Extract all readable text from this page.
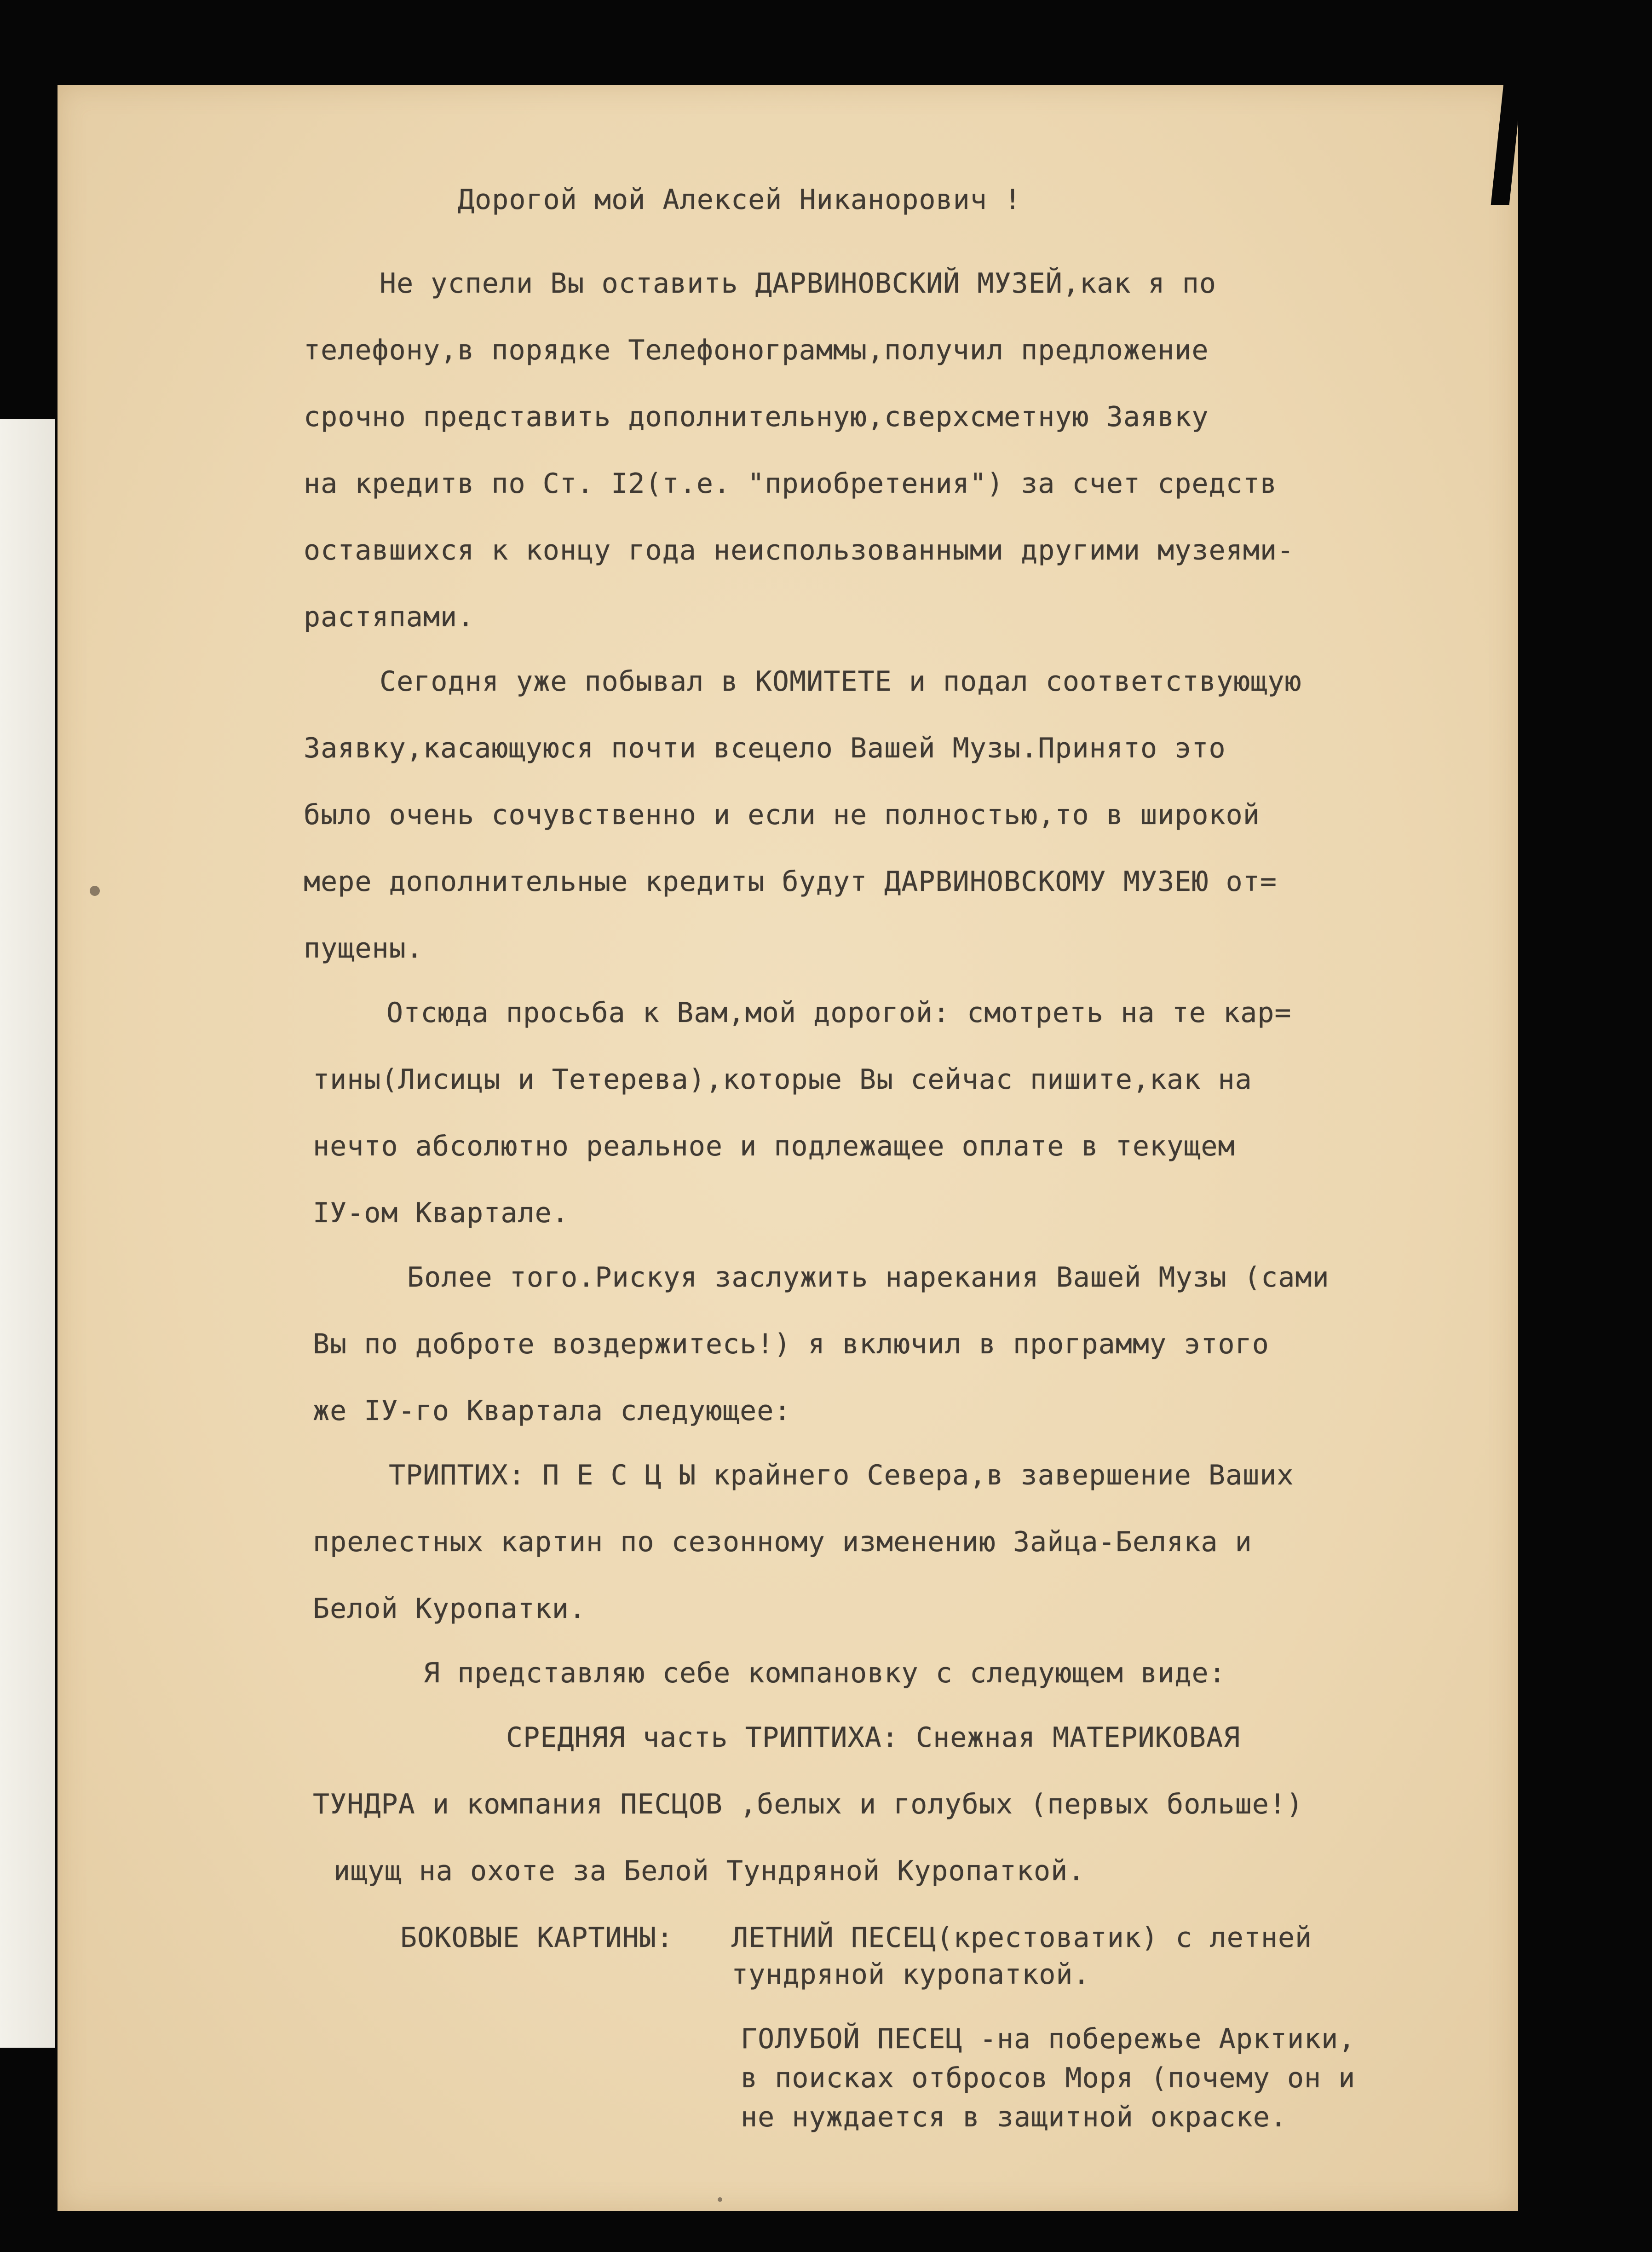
Дорогой мой Алексей Никанорович !

Не успели Вы оставить ДАРВИНОВСКИЙ МУЗЕЙ,как я по

телефону,в порядке Телефонограммы,получил предложение

срочно представить дополнительную,сверхсметную Заявку

на кредитв по Ст. I2(т.е. "приобретения") за счет средств

оставшихся к концу года неиспользованными другими музеями-

растяпами.

Сегодня уже побывал в КОМИТЕТЕ и подал соответствующую

Заявку,касающуюся почти всецело Вашей Музы.Принято это

было очень сочувственно и если не полностью,то в широкой

мере дополнительные кредиты будут ДАРВИНОВСКОМУ МУЗЕЮ от=

пущены.

Отсюда просьба к Вам,мой дорогой: смотреть на те кар=

тины(Лисицы и Тетерева),которые Вы сейчас пишите,как на

нечто абсолютно реальное и подлежащее оплате в текущем

IУ-ом Квартале.

Более того.Рискуя заслужить нарекания Вашей Музы (сами

Вы по доброте воздержитесь!) я включил в программу этого

же IУ-го Квартала следующее:

ТРИПТИХ: П Е С Ц Ы крайнего Севера,в завершение Ваших

прелестных картин по сезонному изменению Зайца-Беляка и

Белой Куропатки.

Я представляю себе компановку с следующем виде:

СРЕДНЯЯ часть ТРИПТИХА: Снежная МАТЕРИКОВАЯ

ТУНДРА и компания ПЕСЦОВ ,белых и голубых (первых больше!)

ищущ на охоте за Белой Тундряной Куропаткой.

БОКОВЫЕ КАРТИНЫ: ЛЕТНИЙ ПЕСЕЦ(крестоватик) с летней

тундряной куропаткой.

ГОЛУБОЙ ПЕСЕЦ -на побережье Арктики,

в поисках отбросов Моря (почему он и

не нуждается в защитной окраске.
